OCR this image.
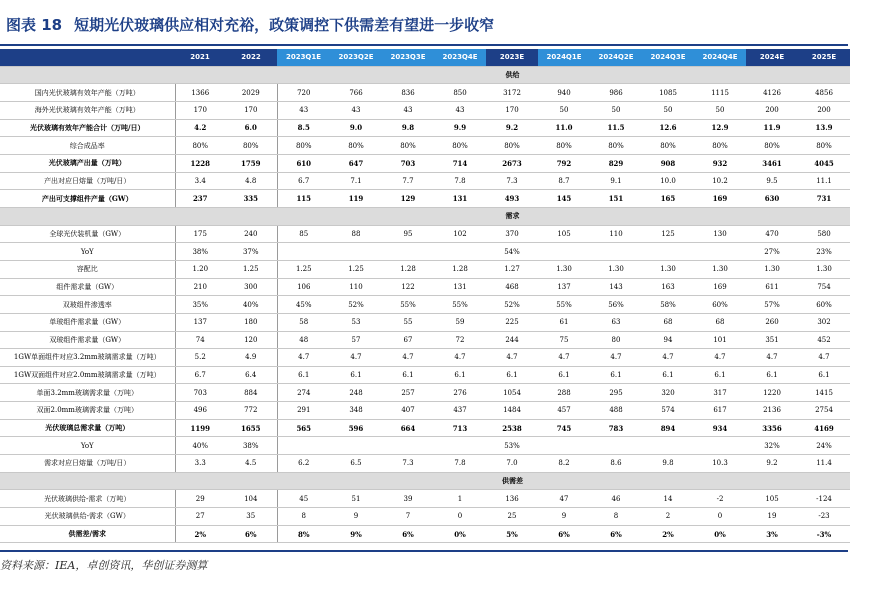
图表 18 短期光伏玻璃供应相对充裕，政策调控下供需差有望进一步收窄
	2021	2022	2023Q1E	2023Q2E	2023Q3E	2023Q4E	2023E	2024Q1E	2024Q2E	2024Q3E	2024Q4E	2024E	2025E
	供给												
国内光伏玻璃有效年产能（万吨）	1366	2029	720	766	836	850	3172	940	986	1085	1115	4126	4856
海外光伏玻璃有效年产能（万吨）	170	170	43	43	43	43	170	50	50	50	50	200	200
光伏玻璃有效年产能合计（万吨/日）	4.2	6.0	8.5	9.0	9.8	9.9	9.2	11.0	11.5	12.6	12.9	11.9	13.9
综合成品率	80%	80%	80%	80%	80%	80%	80%	80%	80%	80%	80%	80%	80%
光伏玻璃产出量（万吨）	1228	1759	610	647	703	714	2673	792	829	908	932	3461	4045
产出对应日熔量（万吨/日）	3.4	4.8	6.7	7.1	7.7	7.8	7.3	8.7	9.1	10.0	10.2	9.5	11.1
产出可支撑组件产量（GW）	237	335	115	119	129	131	493	145	151	165	169	630	731
	需求												
全球光伏装机量（GW）	175	240	85	88	95	102	370	105	110	125	130	470	580
YoY	38%	37%					54%					27%	23%
容配比	1.20	1.25	1.25	1.25	1.28	1.28	1.27	1.30	1.30	1.30	1.30	1.30	1.30
组件需求量（GW）	210	300	106	110	122	131	468	137	143	163	169	611	754
双玻组件渗透率	35%	40%	45%	52%	55%	55%	52%	55%	56%	58%	60%	57%	60%
单玻组件需求量（GW）	137	180	58	53	55	59	225	61	63	68	68	260	302
双玻组件需求量（GW）	74	120	48	57	67	72	244	75	80	94	101	351	452
1GW单面组件对应3.2mm玻璃需求量（万吨）	5.2	4.9	4.7	4.7	4.7	4.7	4.7	4.7	4.7	4.7	4.7	4.7	4.7
1GW双面组件对应2.0mm玻璃需求量（万吨）	6.7	6.4	6.1	6.1	6.1	6.1	6.1	6.1	6.1	6.1	6.1	6.1	6.1
单面3.2mm玻璃需求量（万吨）	703	884	274	248	257	276	1054	288	295	320	317	1220	1415
双面2.0mm玻璃需求量（万吨）	496	772	291	348	407	437	1484	457	488	574	617	2136	2754
光伏玻璃总需求量（万吨）	1199	1655	565	596	664	713	2538	745	783	894	934	3356	4169
YoY	40%	38%					53%					32%	24%
需求对应日熔量（万吨/日）	3.3	4.5	6.2	6.5	7.3	7.8	7.0	8.2	8.6	9.8	10.3	9.2	11.4
	供需差												
光伏玻璃供给-需求（万吨）	29	104	45	51	39	1	136	47	46	14	-2	105	-124
光伏玻璃供给-需求（GW）	27	35	8	9	7	0	25	9	8	2	0	19	-23
供需差/需求	2%	6%	8%	9%	6%	0%	5%	6%	6%	2%	0%	3%	-3%
资料来源：IEA，卓创资讯，华创证券测算
